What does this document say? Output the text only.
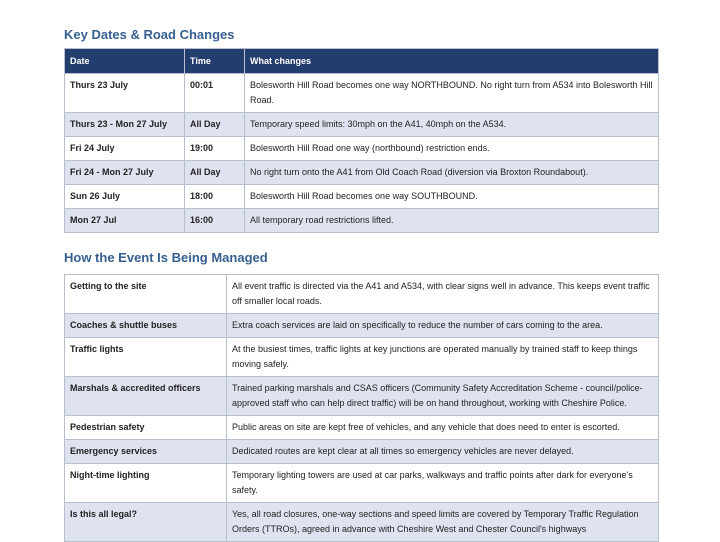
Key Dates & Road Changes
Date	Time	What changes
Thurs 23 July	00:01	Bolesworth Hill Road becomes one way NORTHBOUND. No right turn from A534 into Bolesworth Hill Road.
Thurs 23 - Mon 27 July	All Day	Temporary speed limits: 30mph on the A41, 40mph on the A534.
Fri 24 July	19:00	Bolesworth Hill Road one way (northbound) restriction ends.
Fri 24 - Mon 27 July	All Day	No right turn onto the A41 from Old Coach Road (diversion via Broxton Roundabout).
Sun 26 July	18:00	Bolesworth Hill Road becomes one way SOUTHBOUND.
Mon 27 Jul	16:00	All temporary road restrictions lifted.
How the Event Is Being Managed
Getting to the site	All event traffic is directed via the A41 and A534, with clear signs well in advance. This keeps event traffic off smaller local roads.
Coaches & shuttle buses	Extra coach services are laid on specifically to reduce the number of cars coming to the area.
Traffic lights	At the busiest times, traffic lights at key junctions are operated manually by trained staff to keep things moving safely.
Marshals & accredited officers	Trained parking marshals and CSAS officers (Community Safety Accreditation Scheme - council/police-approved staff who can help direct traffic) will be on hand throughout, working with Cheshire Police.
Pedestrian safety	Public areas on site are kept free of vehicles, and any vehicle that does need to enter is escorted.
Emergency services	Dedicated routes are kept clear at all times so emergency vehicles are never delayed.
Night-time lighting	Temporary lighting towers are used at car parks, walkways and traffic points after dark for everyone's safety.
Is this all legal?	Yes, all road closures, one-way sections and speed limits are covered by Temporary Traffic Regulation Orders (TTROs), agreed in advance with Cheshire West and Chester Council's highways
